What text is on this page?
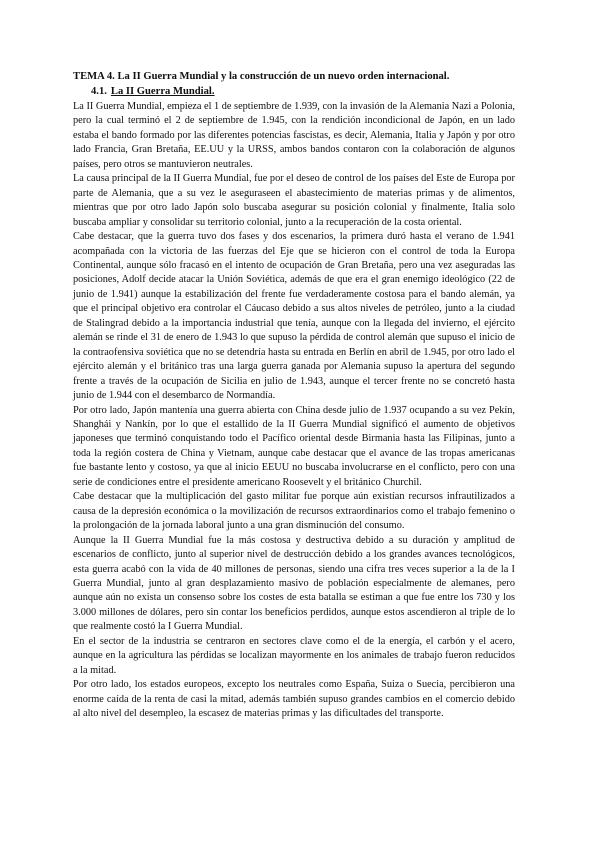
TEMA 4. La II Guerra Mundial y la construcción de un nuevo orden internacional.
4.1. La II Guerra Mundial.

La II Guerra Mundial, empieza el 1 de septiembre de 1.939, con la invasión de la Alemania Nazi a Polonia, pero la cual terminó el 2 de septiembre de 1.945, con la rendición incondicional de Japón, en un lado estaba el bando formado por las diferentes potencias fascistas, es decir, Alemania, Italia y Japón y por otro lado Francia, Gran Bretaña, EE.UU y la URSS, ambos bandos contaron con la colaboración de algunos países, pero otros se mantuvieron neutrales.

La causa principal de la II Guerra Mundial, fue por el deseo de control de los países del Este de Europa por parte de Alemania, que a su vez le aseguraseen el abastecimiento de materias primas y de alimentos, mientras que por otro lado Japón solo buscaba asegurar su posición colonial y finalmente, Italia solo buscaba ampliar y consolidar su territorio colonial, junto a la recuperación de la costa oriental.

Cabe destacar, que la guerra tuvo dos fases y dos escenarios, la primera duró hasta el verano de 1.941 acompañada con la victoria de las fuerzas del Eje que se hicieron con el control de toda la Europa Continental, aunque sólo fracasó en el intento de ocupación de Gran Bretaña, pero una vez aseguradas las posiciones, Adolf decide atacar la Unión Soviética, además de que era el gran enemigo ideológico (22 de junio de 1.941) aunque la estabilización del frente fue verdaderamente costosa para el bando alemán, ya que el principal objetivo era controlar el Cáucaso debido a sus altos niveles de petróleo, junto a la ciudad de Stalingrad debido a la importancia industrial que tenía, aunque con la llegada del invierno, el ejército alemán se rinde el 31 de enero de 1.943 lo que supuso la pérdida de control alemán que supuso el inicio de la contraofensiva soviética que no se detendría hasta su entrada en Berlín en abril de 1.945, por otro lado el ejército alemán y el británico tras una larga guerra ganada por Alemania supuso la apertura del segundo frente a través de la ocupación de Sicilia en julio de 1.943, aunque el tercer frente no se concretó hasta junio de 1.944 con el desembarco de Normandía.

Por otro lado, Japón mantenía una guerra abierta con China desde julio de 1.937 ocupando a su vez Pekín, Shanghái y Nankín, por lo que el estallido de la II Guerra Mundial significó el aumento de objetivos japoneses que terminó conquistando todo el Pacífico oriental desde Birmania hasta las Filipinas, junto a toda la región costera de China y Vietnam, aunque cabe destacar que el avance de las tropas americanas fue bastante lento y costoso, ya que al inicio EEUU no buscaba involucrarse en el conflicto, pero con una serie de condiciones entre el presidente americano Roosevelt y el británico Churchil.

Cabe destacar que la multiplicación del gasto militar fue porque aún existían recursos infrautilizados a causa de la depresión económica o la movilización de recursos extraordinarios como el trabajo femenino o la prolongación de la jornada laboral junto a una gran disminución del consumo.

Aunque la II Guerra Mundial fue la más costosa y destructiva debido a su duración y amplitud de escenarios de conflicto, junto al superior nivel de destrucción debido a los grandes avances tecnológicos, esta guerra acabó con la vida de 40 millones de personas, siendo una cifra tres veces superior a la de la I Guerra Mundial, junto al gran desplazamiento masivo de población especialmente de alemanes, pero aunque aún no exista un consenso sobre los costes de esta batalla se estiman a que fue entre los 730 y los 3.000 millones de dólares, pero sin contar los beneficios perdidos, aunque estos ascendieron al triple de lo que realmente costó la I Guerra Mundial.

En el sector de la industria se centraron en sectores clave como el de la energía, el carbón y el acero, aunque en la agricultura las pérdidas se localizan mayormente en los animales de trabajo fueron reducidos a la mitad.

Por otro lado, los estados europeos, excepto los neutrales como España, Suiza o Suecia, percibieron una enorme caída de la renta de casi la mitad, además también supuso grandes cambios en el comercio debido al alto nivel del desempleo, la escasez de materias primas y las dificultades del transporte.
